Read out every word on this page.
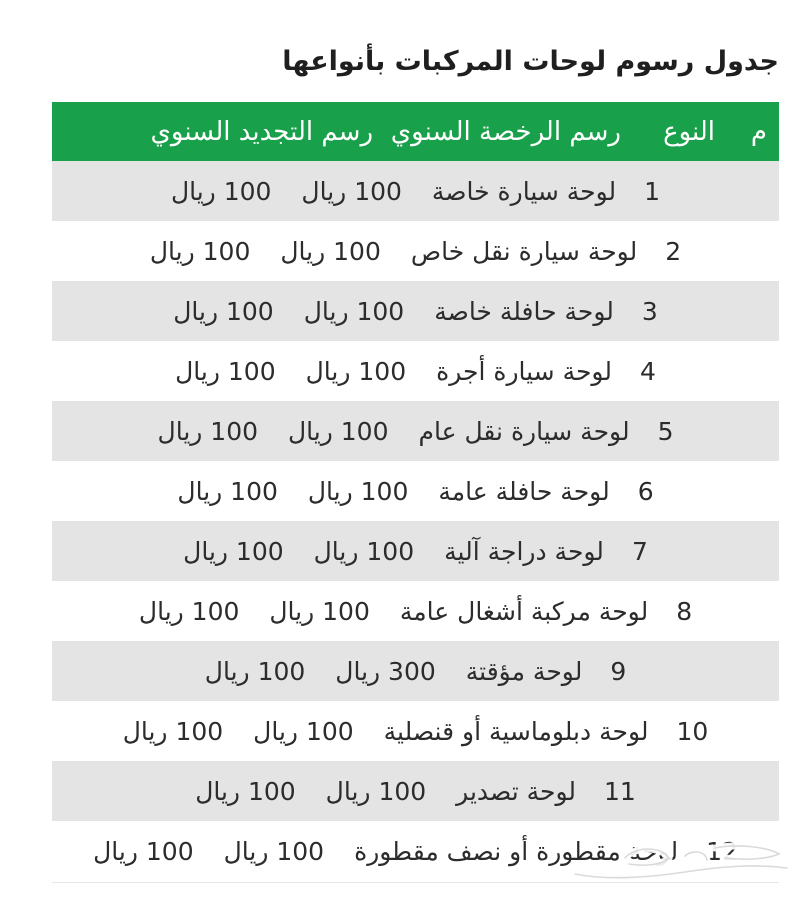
جدول رسوم لوحات المركبات بأنواعها
م
النوع
رسم الرخصة السنوي
رسم التجديد السنوي
1
لوحة سيارة خاصة
100 ريال
100 ريال
2
لوحة سيارة نقل خاص
100 ريال
100 ريال
3
لوحة حافلة خاصة
100 ريال
100 ريال
4
لوحة سيارة أجرة
100 ريال
100 ريال
5
لوحة سيارة نقل عام
100 ريال
100 ريال
6
لوحة حافلة عامة
100 ريال
100 ريال
7
لوحة دراجة آلية
100 ريال
100 ريال
8
لوحة مركبة أشغال عامة
100 ريال
100 ريال
9
لوحة مؤقتة
300 ريال
100 ريال
10
لوحة دبلوماسية أو قنصلية
100 ريال
100 ريال
11
لوحة تصدير
100 ريال
100 ريال
12
لوحة مقطورة أو نصف مقطورة
100 ريال
100 ريال
